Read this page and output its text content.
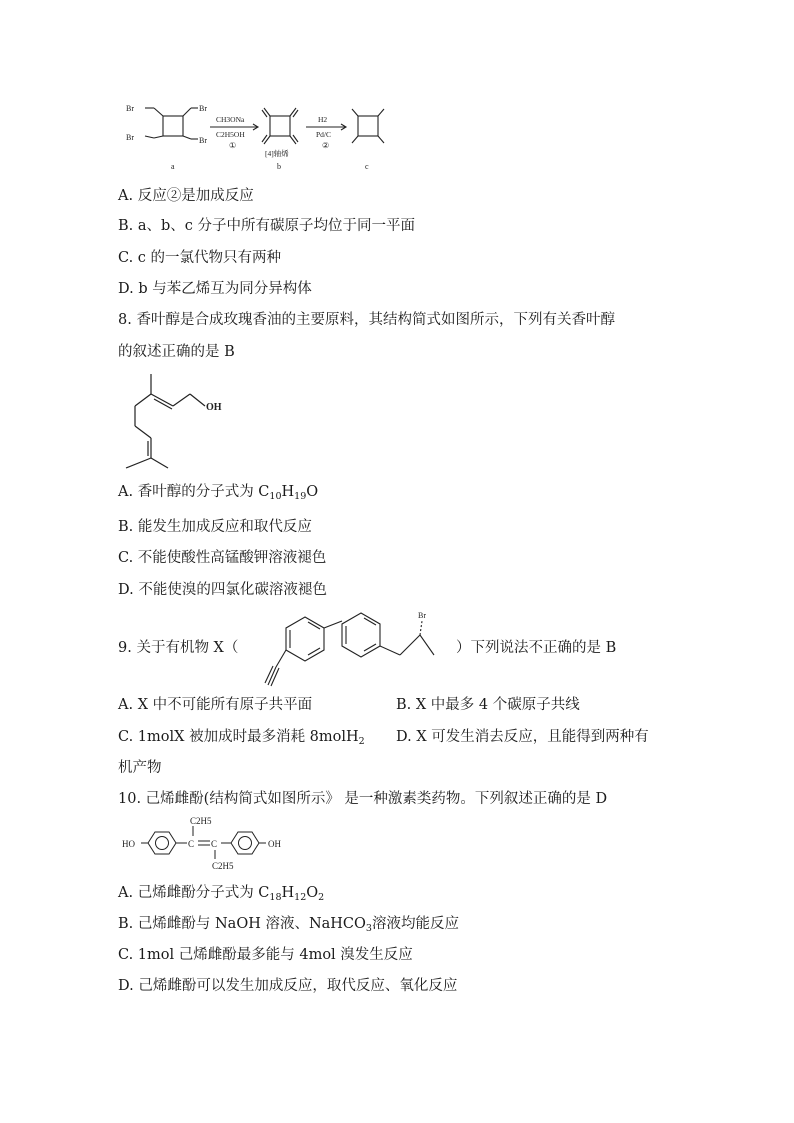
Br	Br
Br	Br
CH3ONa
C2H5OH
①
H2
Pd/C
②
[4]轴烯
a	b	c
A. 反应②是加成反应
B. a、b、c 分子中所有碳原子均位于同一平面
C. c 的一氯代物只有两种
D. b 与苯乙烯互为同分异构体
8. 香叶醇是合成玫瑰香油的主要原料，其结构简式如图所示，下列有关香叶醇
的叙述正确的是 B
OH
A. 香叶醇的分子式为 $C_{10}H_{19}O$
B. 能发生加成反应和取代反应
C. 不能使酸性高锰酸钾溶液褪色
D. 不能使溴的四氯化碳溶液褪色
9. 关于有机物 X（
Br
）下列说法不正确的是 B
A. X 中不可能所有原子共平面	B. X 中最多 4 个碳原子共线
C. 1molX 被加成时最多消耗 8molH$_2$ D. X 可发生消去反应，且能得到两种有
机产物
10. 己烯雌酚(结构简式如图所示》 是一种激素类药物。下列叙述正确的是 D
HO	C C
C2H5
C2H5
OH
A. 己烯雌酚分子式为 $C_{18}H_{12}O_2$
B. 己烯雌酚与 NaOH 溶液、NaHCO$_3$溶液均能反应
C. 1mol 己烯雌酚最多能与 4mol 溴发生反应
D. 己烯雌酚可以发生加成反应，取代反应、氧化反应
